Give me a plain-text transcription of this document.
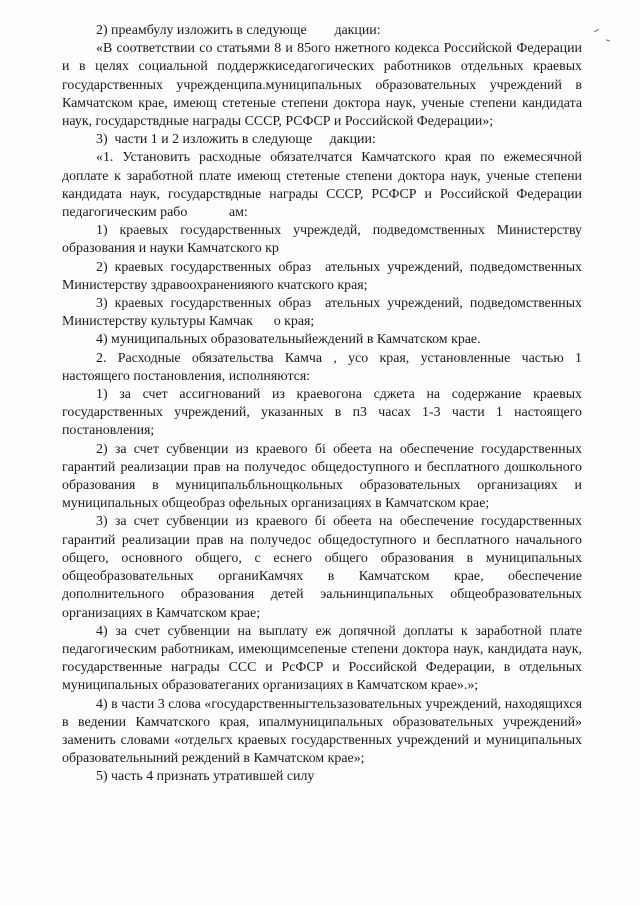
2) преамбулу изложить в следующе        дакции:

«В соответствии со статьями 8 и 85ого нжетного кодекса Российской Федерации и в целях социальной поддержкиседагогических работников отдельных краевых государственных учрежденципа.муниципальных образовательных учреждений в Камчатском крае, имеющ стетеные степени доктора наук, ученые степени кандидата наук, государствдные награды СССР, РСФСР и Российской Федерации»;

3)  части 1 и 2 изложить в следующе     дакции:

«1. Установить расходные обязателчатся Камчатского края по ежемесячной доплате к заработной плате имеющ стетеные степени доктора наук, ученые степени кандидата наук, государствдные награды СССР, РСФСР и Российской Федерации педагогическим рабо            ам:

1) краевых государственных учреждедй, подведомственных Министерству образования и науки Камчатского кр

2) краевых государственных образ  ательных учреждений, подведомственных Министерству здравоохраненияюго кчатского края;

3) краевых государственных образ  ательных учреждений, подведомственных Министерству культуры Камчак      о края;

4) муниципальных образовательныйеждений в Камчатском крае.

2. Расходные обязательства Камча , усо края, установленные частью 1 настоящего постановления, исполняются:

1) за счет ассигнований из краевогона сджета на содержание краевых государственных учреждений, указанных в п3 часах 1-3 части 1 настоящего постановления;

2) за счет субвенции из краевого бі обеета на обеспечение государственных гарантий реализации прав на получедос общедоступного и бесплатного дошкольного образования в муниципальбльнощкольных образовательных организациях и муниципальных общеобраз офельных организациях в Камчатском крае;

3) за счет субвенции из краевого бі обеета на обеспечение государственных гарантий реализации прав на получедос общедоступного и бесплатного начального общего, основного общего, с еснего общего образования в муниципальных общеобразовательных органиКамчях в Камчатском крае, обеспечение дополнительного образования детей эальнинципальных общеобразовательных организациях в Камчатском крае;

4) за счет субвенции на выплату еж допячной доплаты к заработной плате педагогическим работникам, имеющимсепеные степени доктора наук, кандидата наук, государственные награды ССС и РсФСР и Российской Федерации, в отдельных муниципальных образоватеганих организациях в Камчатском крае».»;

4) в части 3 слова «государственныгтельзазовательных учреждений, находящихся в ведении Камчатского края, ипалмуниципальных образовательных учреждений» заменить словами «отдельгх краевых государственных учреждений и муниципальных образовательныний реждений в Камчатском крае»;

5) часть 4 признать утратившей силу
